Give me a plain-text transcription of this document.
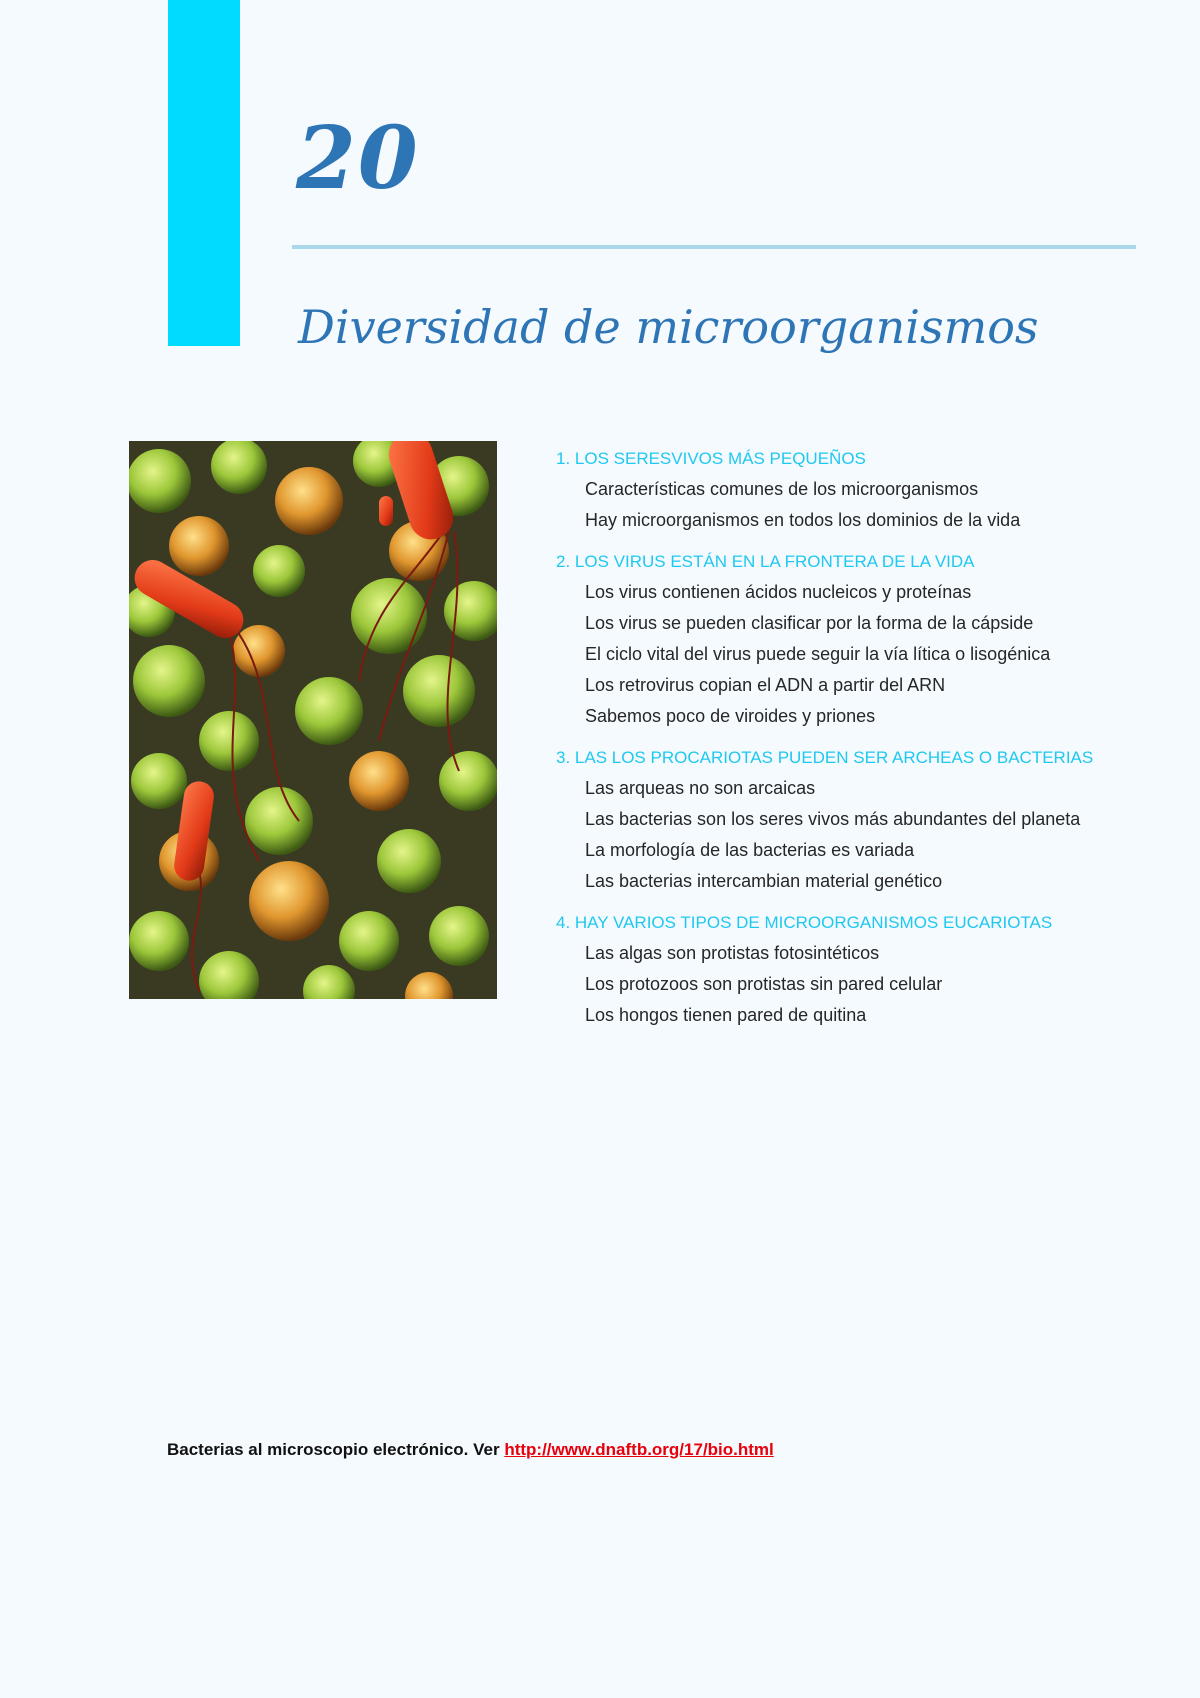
20
Diversidad de microorganismos
1. LOS SERESVIVOS MÁS PEQUEÑOS
Características comunes de los microorganismos
Hay microorganismos en todos los dominios de la vida
2. LOS VIRUS ESTÁN EN LA FRONTERA DE LA VIDA
Los virus contienen ácidos nucleicos y proteínas
Los virus se pueden clasificar por la forma de la cápside
El ciclo vital del virus puede seguir la vía lítica o lisogénica
Los retrovirus copian el ADN a partir del ARN
Sabemos poco de viroides y priones
3. LAS LOS PROCARIOTAS PUEDEN SER ARCHEAS O BACTERIAS
Las arqueas no son arcaicas
Las bacterias son los seres vivos más abundantes del planeta
La morfología de las bacterias es variada
Las bacterias intercambian material genético
4. HAY VARIOS TIPOS DE MICROORGANISMOS EUCARIOTAS
Las algas son protistas fotosintéticos
Los protozoos son protistas sin pared celular
Los hongos tienen pared de quitina
Bacterias al microscopio electrónico. Ver http://www.dnaftb.org/17/bio.html
